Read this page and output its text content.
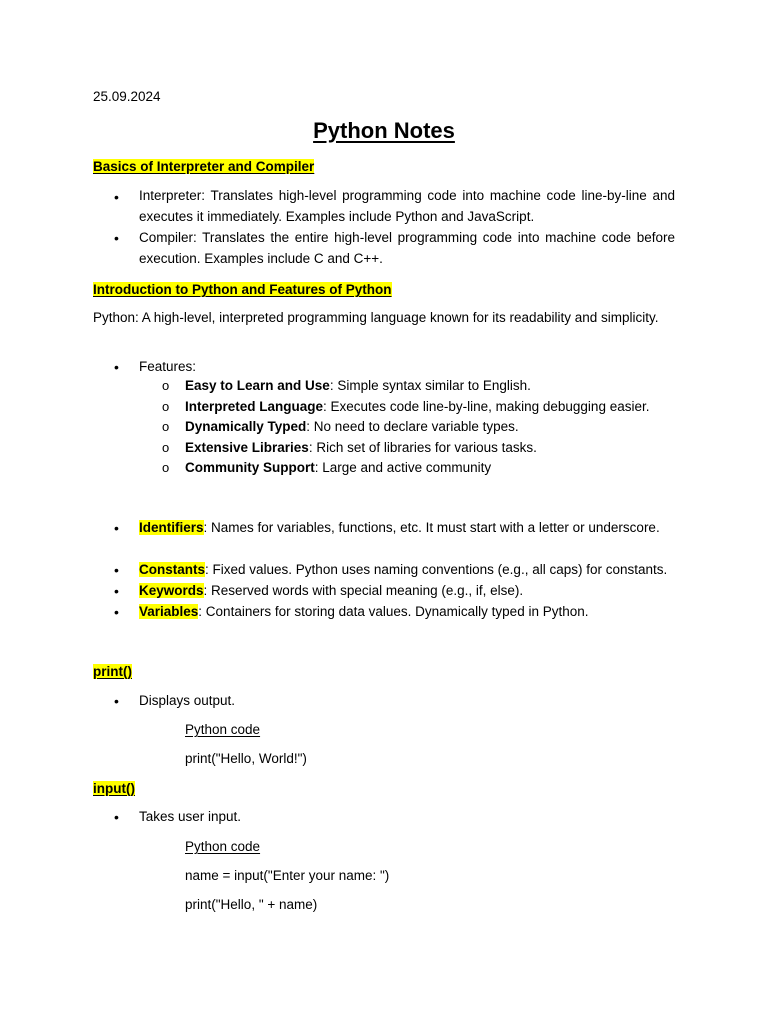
25.09.2024
Python Notes
Basics of Interpreter and Compiler
• Interpreter: Translates high-level programming code into machine code line-by-line and executes it immediately. Examples include Python and JavaScript.
• Compiler: Translates the entire high-level programming code into machine code before execution. Examples include C and C++.
Introduction to Python and Features of Python
Python: A high-level, interpreted programming language known for its readability and simplicity.
• Features:
o Easy to Learn and Use: Simple syntax similar to English.
o Interpreted Language: Executes code line-by-line, making debugging easier.
o Dynamically Typed: No need to declare variable types.
o Extensive Libraries: Rich set of libraries for various tasks.
o Community Support: Large and active community
• Identifiers: Names for variables, functions, etc. It must start with a letter or underscore.
• Constants: Fixed values. Python uses naming conventions (e.g., all caps) for constants.
• Keywords: Reserved words with special meaning (e.g., if, else).
• Variables: Containers for storing data values. Dynamically typed in Python.
print()
• Displays output.
Python code
print("Hello, World!")
input()
• Takes user input.
Python code
name = input("Enter your name: ")
print("Hello, " + name)
